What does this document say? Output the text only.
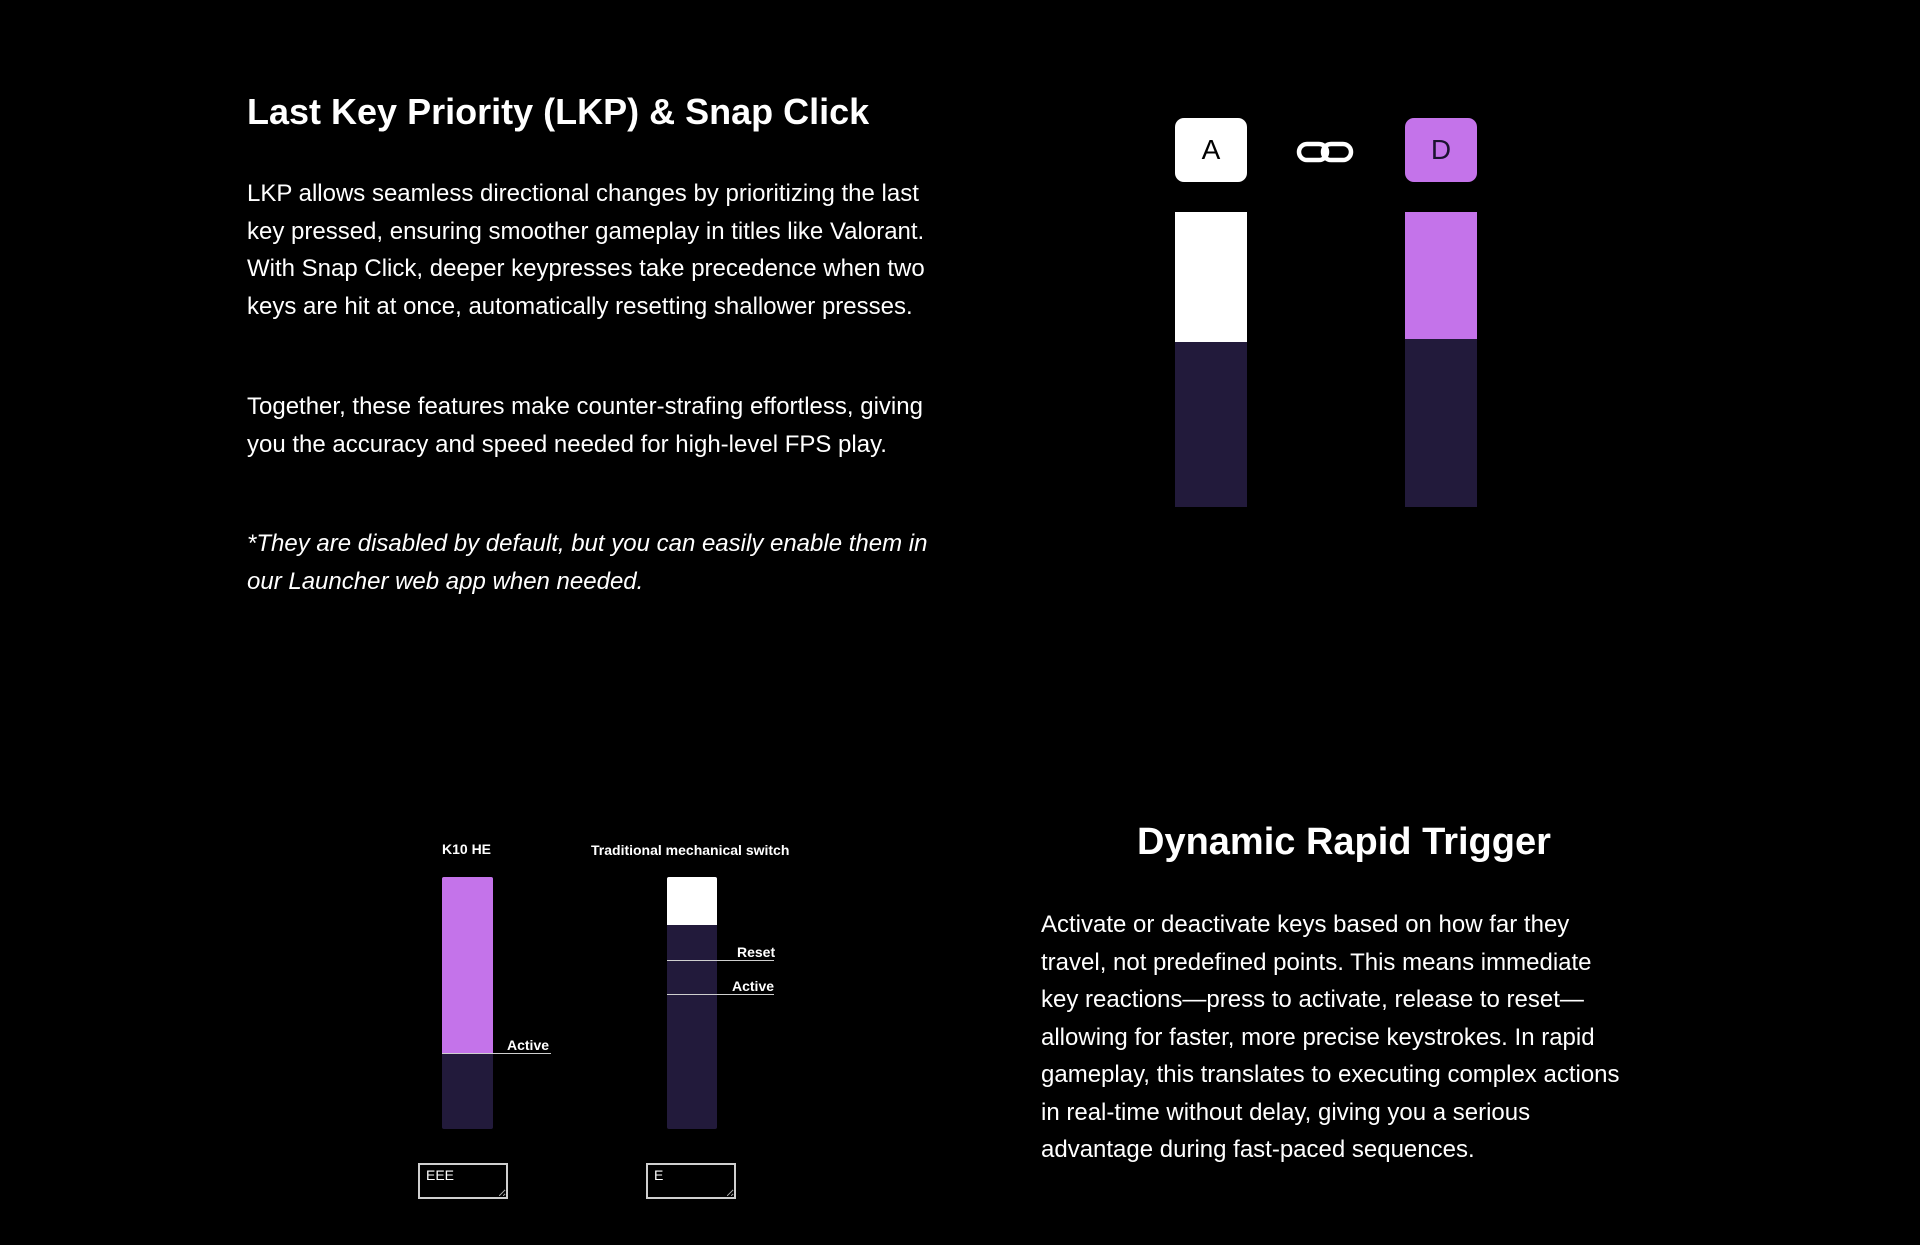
Last Key Priority (LKP) & Snap Click

LKP allows seamless directional changes by prioritizing the last key pressed, ensuring smoother gameplay in titles like Valorant. With Snap Click, deeper keypresses take precedence when two keys are hit at once, automatically resetting shallower presses.

Together, these features make counter-strafing effortless, giving you the accuracy and speed needed for high-level FPS play.

*They are disabled by default, but you can easily enable them in our Launcher web app when needed.

A	D

K10 HE	Traditional mechanical switch

Active

Reset

Active

EEE
E
Dynamic Rapid Trigger

Activate or deactivate keys based on how far they travel, not predefined points. This means immediate key reactions—press to activate, release to reset—allowing for faster, more precise keystrokes. In rapid gameplay, this translates to executing complex actions in real-time without delay, giving you a serious advantage during fast-paced sequences.
